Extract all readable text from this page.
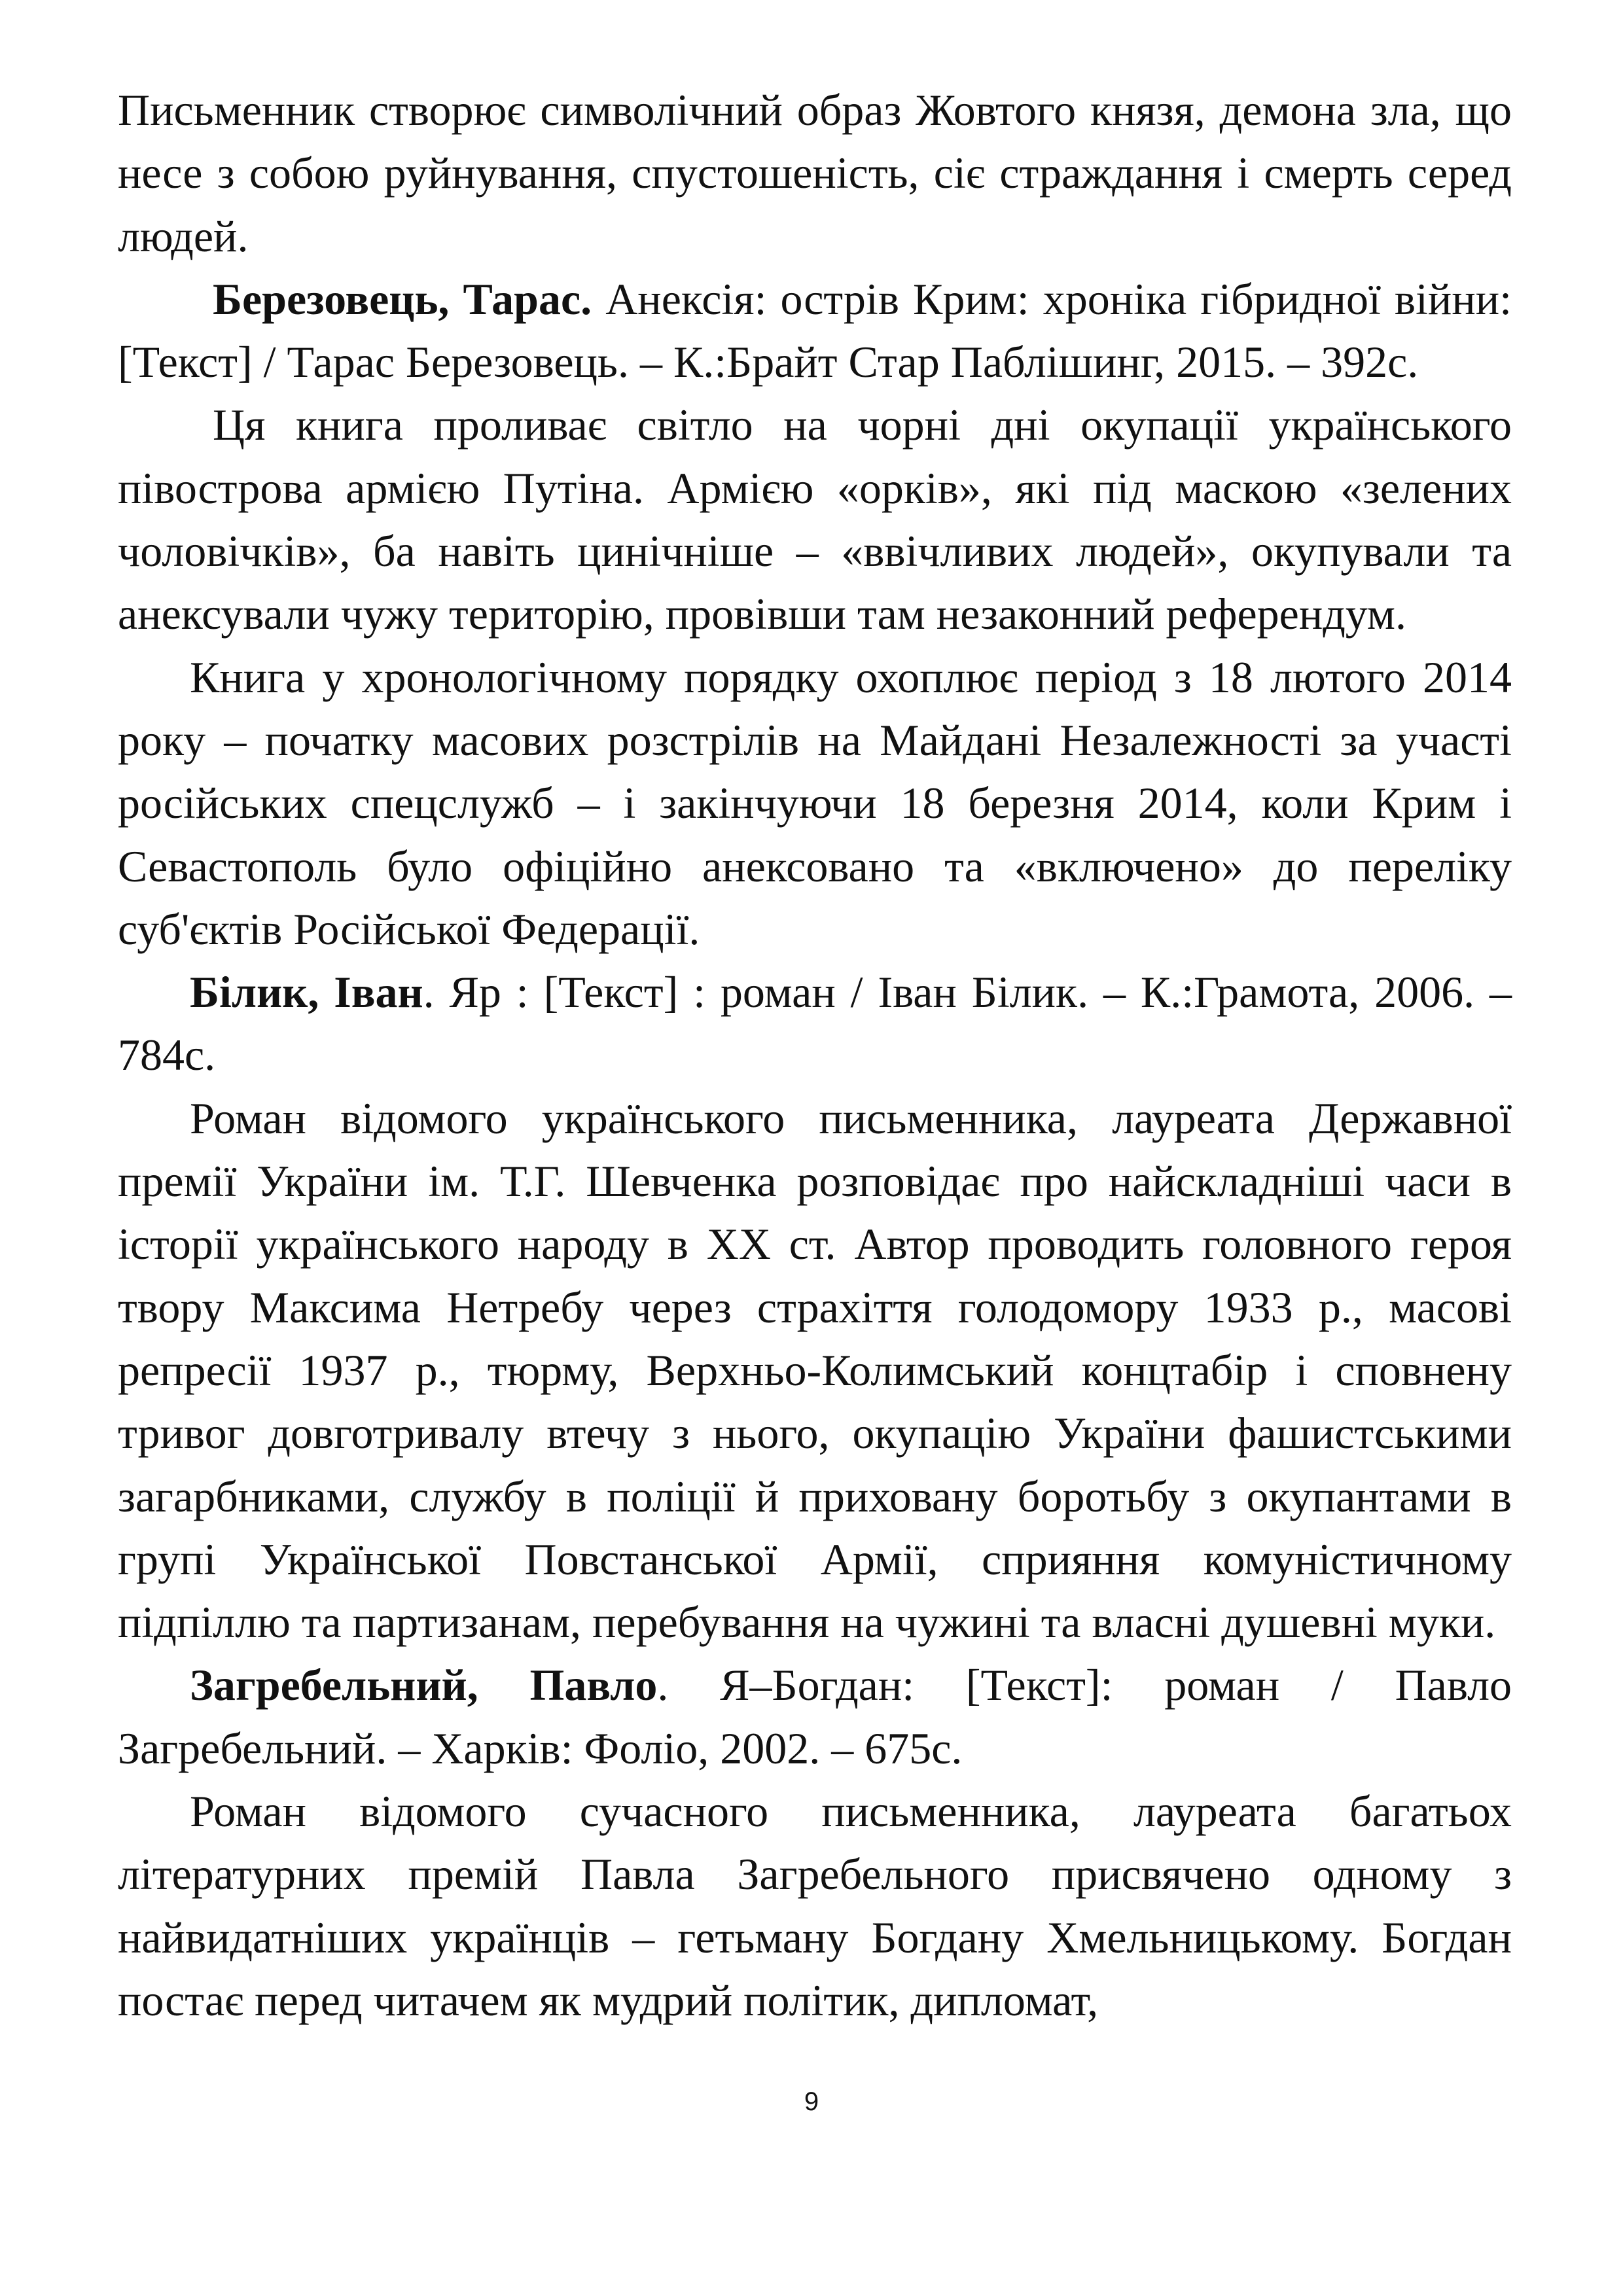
Письменник створює символічний образ Жовтого князя, демона зла, що несе з собою руйнування, спустошеність, сіє страждання і смерть серед людей.

Березовець, Тарас. Анексія: острів Крим: хроніка гібридної війни: [Текст] / Тарас Березовець. – К.:Брайт Стар Паблішинг, 2015. – 392с.

Ця книга проливає світло на чорні дні окупації українського півострова армією Путіна. Армією «орків», які під маскою «зелених чоловічків», ба навіть цинічніше – «ввічливих людей», окупували та анексували чужу територію, провівши там незаконний референдум.

Книга у хронологічному порядку охоплює період з 18 лютого 2014 року – початку масових розстрілів на Майдані Незалежності за участі російських спецслужб – і закінчуючи 18 березня 2014, коли Крим і Севастополь було офіційно анексовано та «включено» до переліку суб'єктів Російської Федерації.

Білик, Іван. Яр : [Текст] : роман / Іван Білик. – К.:Грамота, 2006. – 784с.

Роман відомого українського письменника, лауреата Державної премії України ім. Т.Г. Шевченка розповідає про найскладніші часи в історії українського народу в ХХ ст. Автор проводить головного героя твору Максима Нетребу через страхіття голодомору 1933 р., масові репресії 1937 р., тюрму, Верхньо-Колимський концтабір і сповнену тривог довготривалу втечу з нього, окупацію України фашистськими загарбниками, службу в поліції й приховану боротьбу з окупантами в групі Української Повстанської Армії, сприяння комуністичному підпіллю та партизанам, перебування на чужині та власні душевні муки.

Загребельний, Павло. Я–Богдан: [Текст]: роман / Павло Загребельний. – Харків: Фоліо, 2002. – 675с.

Роман відомого сучасного письменника, лауреата багатьох літературних премій Павла Загребельного присвячено одному з найвидатніших українців – гетьману Богдану Хмельницькому. Богдан постає перед читачем як мудрий політик, дипломат,

9
